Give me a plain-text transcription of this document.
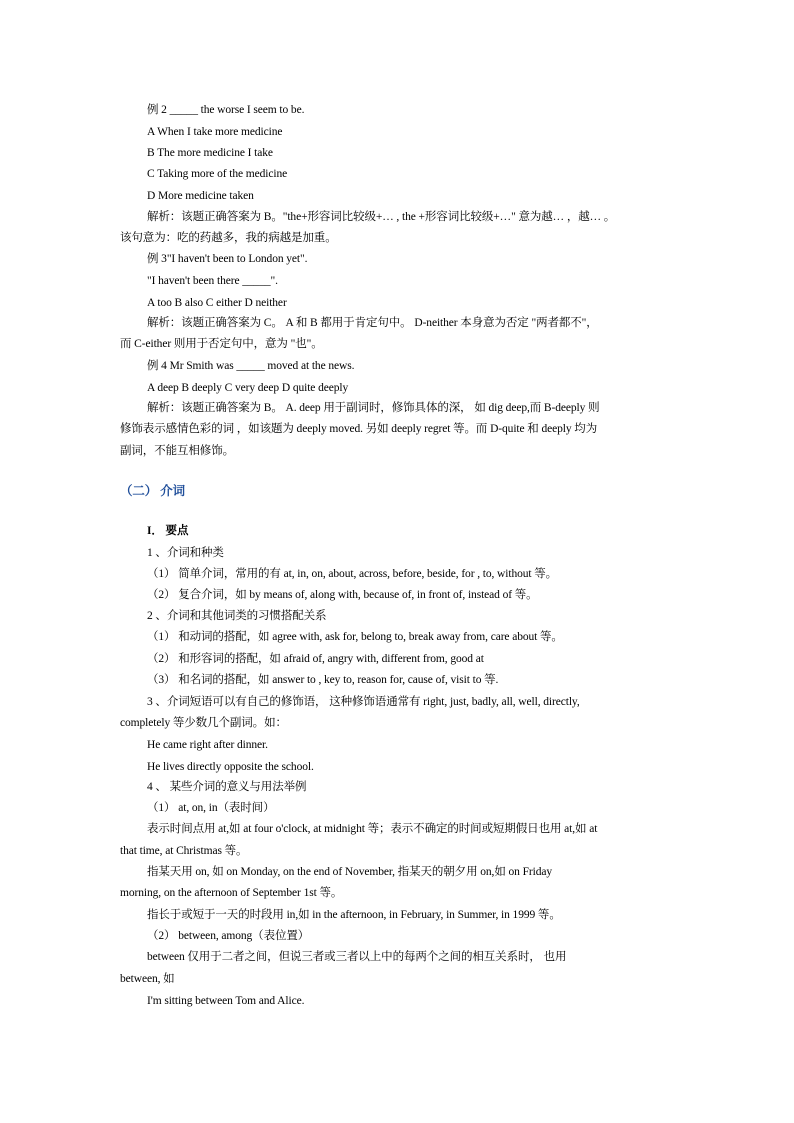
例 2 _____ the worse I seem to be.
A When I take more medicine
B The more medicine I take
C Taking more of the medicine
D More medicine taken
解析：该题正确答案为 B。"the+形容词比较级+… , the +形容词比较级+…" 意为越… ，越… 。
该句意为：吃的药越多，我的病越是加重。
例 3"I haven't been to London yet".
"I haven't been there _____".
A too B also C either D neither
解析：该题正确答案为 C。 A 和 B 都用于肯定句中。 D-neither 本身意为否定 "两者都不"，
而 C-either 则用于否定句中，意为 "也"。
例 4 Mr Smith was _____ moved at the news.
A deep B deeply C very deep D quite deeply
解析：该题正确答案为 B。 A. deep 用于副词时，修饰具体的深， 如 dig deep,而 B-deeply 则
修饰表示感情色彩的词 ，如该题为 deeply moved. 另如 deeply regret 等。而 D-quite 和 deeply 均为
副词，不能互相修饰。
（二） 介词
I． 要点
1 、介词和种类
（1） 简单介词，常用的有 at, in, on, about, across, before, beside, for , to, without 等。
（2） 复合介词，如 by means of, along with, because of, in front of, instead of 等。
2 、介词和其他词类的习惯搭配关系
（1） 和动词的搭配，如 agree with, ask for, belong to, break away from, care about 等。
（2） 和形容词的搭配，如 afraid of, angry with, different from, good at
（3） 和名词的搭配，如 answer to , key to, reason for, cause of, visit to 等.
3 、介词短语可以有自己的修饰语， 这种修饰语通常有 right, just, badly, all, well, directly,
completely 等少数几个副词。如：
He came right after dinner.
He lives directly opposite the school.
4 、 某些介词的意义与用法举例
（1） at, on, in（表时间）
表示时间点用 at,如 at four o'clock, at midnight 等；表示不确定的时间或短期假日也用 at,如 at
that time, at Christmas 等。
指某天用 on, 如 on Monday, on the end of November, 指某天的朝夕用 on,如 on Friday
morning, on the afternoon of September 1st 等。
指长于或短于一天的时段用 in,如 in the afternoon, in February, in Summer, in 1999 等。
（2） between, among（表位置）
between 仅用于二者之间，但说三者或三者以上中的每两个之间的相互关系时， 也用
between, 如
I'm sitting between Tom and Alice.
